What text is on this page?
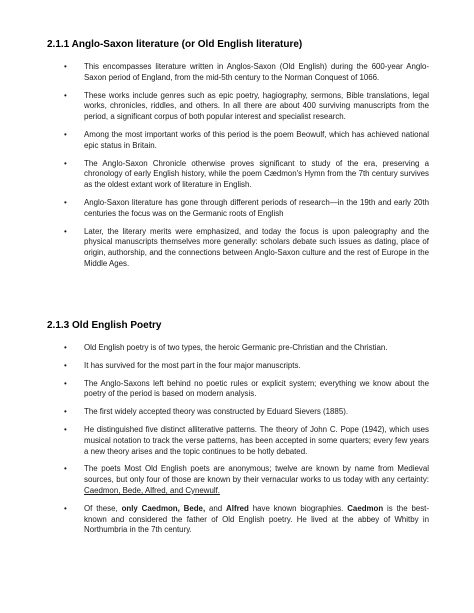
2.1.1 Anglo-Saxon literature (or Old English literature)
• This encompasses literature written in Anglos-Saxon (Old English) during the 600-year Anglo-Saxon period of England, from the mid-5th century to the Norman Conquest of 1066.
• These works include genres such as epic poetry, hagiography, sermons, Bible translations, legal works, chronicles, riddles, and others. In all there are about 400 surviving manuscripts from the period, a significant corpus of both popular interest and specialist research.
• Among the most important works of this period is the poem Beowulf, which has achieved national epic status in Britain.
• The Anglo-Saxon Chronicle otherwise proves significant to study of the era, preserving a chronology of early English history, while the poem Cædmon's Hymn from the 7th century survives as the oldest extant work of literature in English.
• Anglo-Saxon literature has gone through different periods of research—in the 19th and early 20th centuries the focus was on the Germanic roots of English
• Later, the literary merits were emphasized, and today the focus is upon paleography and the physical manuscripts themselves more generally: scholars debate such issues as dating, place of origin, authorship, and the connections between Anglo-Saxon culture and the rest of Europe in the Middle Ages.
2.1.3 Old English Poetry
• Old English poetry is of two types, the heroic Germanic pre-Christian and the Christian.
• It has survived for the most part in the four major manuscripts.
• The Anglo-Saxons left behind no poetic rules or explicit system; everything we know about the poetry of the period is based on modern analysis.
• The first widely accepted theory was constructed by Eduard Sievers (1885).
• He distinguished five distinct alliterative patterns. The theory of John C. Pope (1942), which uses musical notation to track the verse patterns, has been accepted in some quarters; every few years a new theory arises and the topic continues to be hotly debated.
• The poets Most Old English poets are anonymous; twelve are known by name from Medieval sources, but only four of those are known by their vernacular works to us today with any certainty: Caedmon, Bede, Alfred, and Cynewulf.
• Of these, only Caedmon, Bede, and Alfred have known biographies. Caedmon is the best-known and considered the father of Old English poetry. He lived at the abbey of Whitby in Northumbria in the 7th century.
